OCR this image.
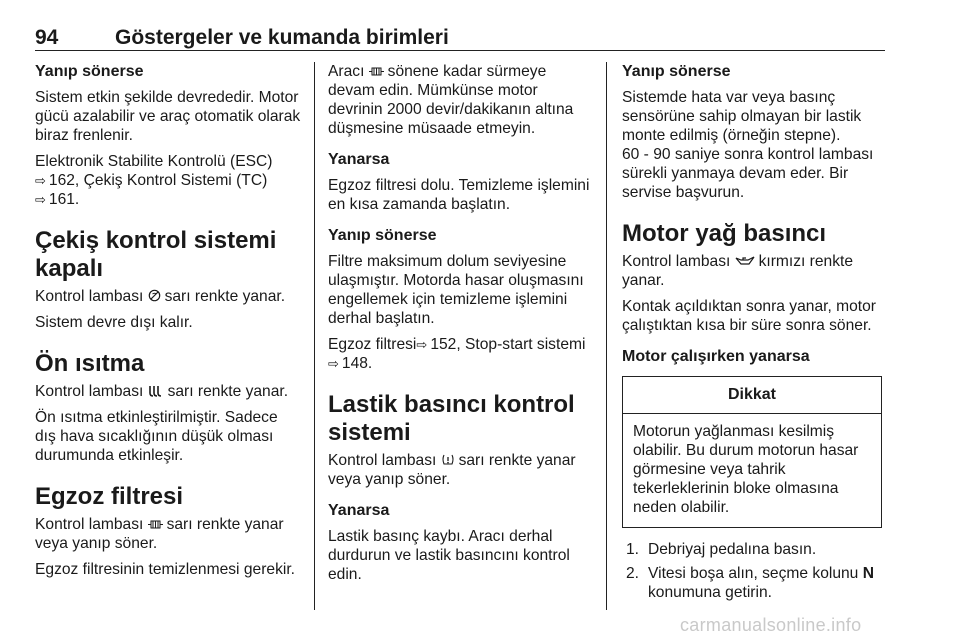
94	Göstergeler ve kumanda birimleri
Yanıp sönerse

Sistem etkin şekilde devrededir. Motor gücü azalabilir ve araç otomatik olarak biraz frenlenir.

Elektronik Stabilite Kontrolü (ESC)
⇨ 162, Çekiş Kontrol Sistemi (TC)
⇨ 161.

Çekiş kontrol sistemi kapalı

Kontrol lambası sarı renkte yanar.

Sistem devre dışı kalır.

Ön ısıtma

Kontrol lambası sarı renkte yanar.

Ön ısıtma etkinleştirilmiştir. Sadece dış hava sıcaklığının düşük olması durumunda etkinleşir.

Egzoz filtresi

Kontrol lambası sarı renkte yanar veya yanıp söner.

Egzoz filtresinin temizlenmesi gerekir.

Aracı sönene kadar sürmeye devam edin. Mümkünse motor devrinin 2000 devir/dakikanın altına düşmesine müsaade etmeyin.

Yanarsa

Egzoz filtresi dolu. Temizleme işlemini en kısa zamanda başlatın.

Yanıp sönerse

Filtre maksimum dolum seviyesine ulaşmıştır. Motorda hasar oluşmasını engellemek için temizleme işlemini derhal başlatın.

Egzoz filtresi⇨ 152, Stop-start sistemi
⇨ 148.

Lastik basıncı kontrol sistemi

Kontrol lambası sarı renkte yanar veya yanıp söner.

Yanarsa

Lastik basınç kaybı. Aracı derhal durdurun ve lastik basıncını kontrol edin.

Yanıp sönerse

Sistemde hata var veya basınç sensörüne sahip olmayan bir lastik monte edilmiş (örneğin stepne).

60 - 90 saniye sonra kontrol lambası sürekli yanmaya devam eder. Bir servise başvurun.

Motor yağ basıncı

Kontrol lambası kırmızı renkte yanar.

Kontak açıldıktan sonra yanar, motor çalıştıktan kısa bir süre sonra söner.

Motor çalışırken yanarsa
Dikkat
Motorun yağlanması kesilmiş olabilir. Bu durum motorun hasar görmesine veya tahrik tekerleklerinin bloke olmasına neden olabilir.
1. Debriyaj pedalına basın.
2. Vitesi boşa alın, seçme kolunu N konumuna getirin.
carmanualsonline.info
